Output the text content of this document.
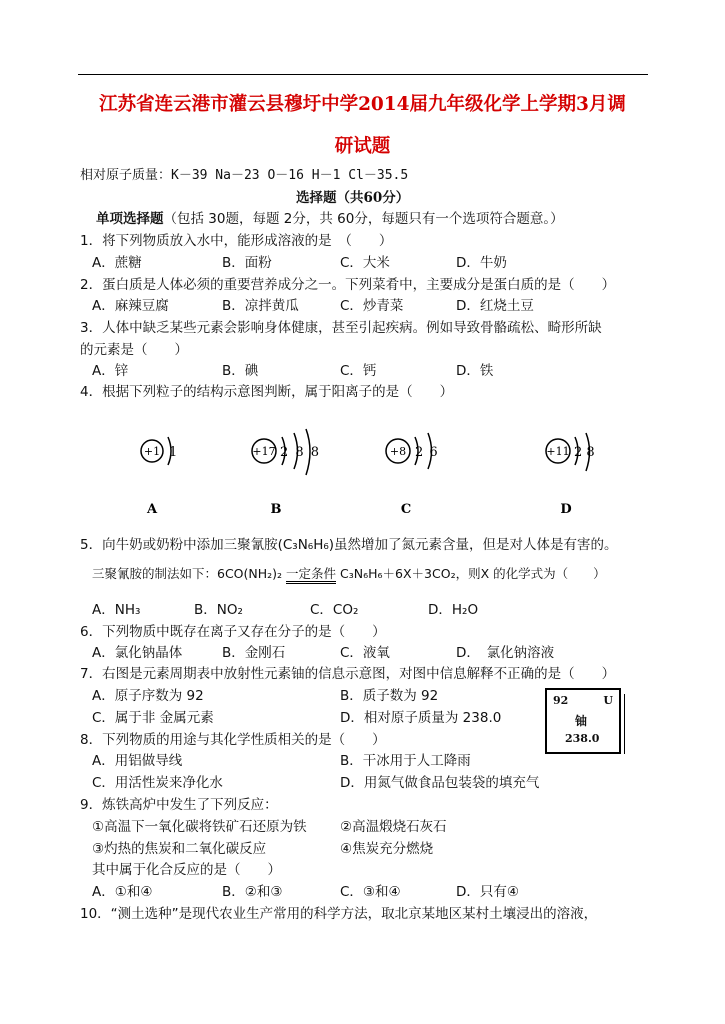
江苏省连云港市灌云县穆圩中学2014届九年级化学上学期3月调
研试题
相对原子质量：K－39 Na－23 O－16 H－1 Cl－35.5
选择题（共60分）
单项选择题（包括 30题，每题 2分，共 60分，每题只有一个选项符合题意。）
1．将下列物质放入水中，能形成溶液的是　（　　）
A．蔗糖	B．面粉	C．大米	D．牛奶
2．蛋白质是人体必须的重要营养成分之一。下列菜肴中，主要成分是蛋白质的是（　　）
A．麻辣豆腐	B．凉拌黄瓜	C．炒青菜	D．红烧土豆
3．人体中缺乏某些元素会影响身体健康，甚至引起疾病。例如导致骨骼疏松、畸形所缺
的元素是（　　）
A．锌	B．碘	C．钙	D．铁
4．根据下列粒子的结构示意图判断，属于阳离子的是（　　）
+1 1
A
+17 2 8 8
B
+8 2 6
C
+11 2 8
D
5．向牛奶或奶粉中添加三聚氰胺(C₃N₆H₆)虽然增加了氮元素含量，但是对人体是有害的。
三聚氰胺的制法如下：6CO(NH₂)₂ 一定条件 C₃N₆H₆＋6X＋3CO₂，则X 的化学式为（　　）
A．NH₃	B．NO₂	C．CO₂	D．H₂O
6．下列物质中既存在离子又存在分子的是（　　）
A．氯化钠晶体	B．金刚石	C．液氧	D．　氯化钠溶液
7．右图是元素周期表中放射性元素铀的信息示意图，对图中信息解释不正确的是（　　）
A．原子序数为 92	B．质子数为 92
C．属于非 金属元素	D．相对原子质量为 238.0
92	U
铀
238.0
8．下列物质的用途与其化学性质相关的是（　　）
A．用铝做导线	B．干冰用于人工降雨
C．用活性炭来净化水	D．用氮气做食品包装袋的填充气
9．炼铁高炉中发生了下列反应：
①高温下一氧化碳将铁矿石还原为铁 ②高温煅烧石灰石
③灼热的焦炭和二氧化碳反应	④焦炭充分燃烧
其中属于化合反应的是（　　）
A．①和④	B．②和③	C．③和④	D．只有④
10．“测土选种”是现代农业生产常用的科学方法，取北京某地区某村土壤浸出的溶液，
